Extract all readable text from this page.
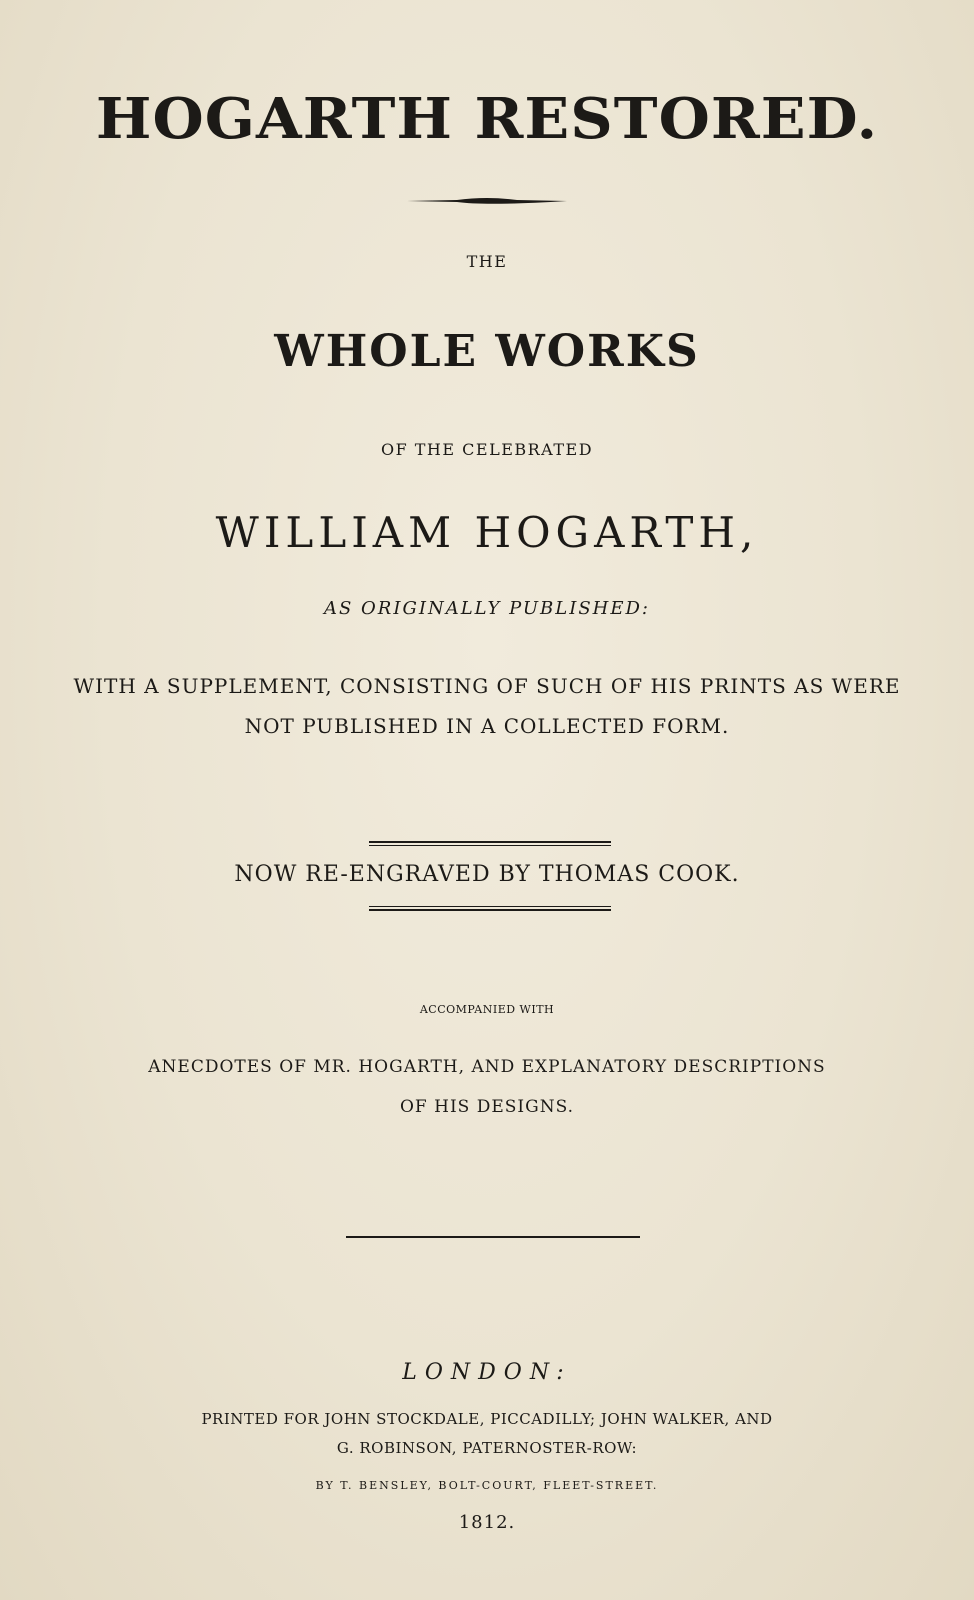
HOGARTH RESTORED.
THE
WHOLE WORKS
OF THE CELEBRATED
WILLIAM HOGARTH,
AS ORIGINALLY PUBLISHED:
WITH A SUPPLEMENT, CONSISTING OF SUCH OF HIS PRINTS AS WERE
NOT PUBLISHED IN A COLLECTED FORM.
NOW RE-ENGRAVED BY THOMAS COOK.
ACCOMPANIED WITH
ANECDOTES OF MR. HOGARTH, AND EXPLANATORY DESCRIPTIONS
OF HIS DESIGNS.
LONDON:
PRINTED FOR JOHN STOCKDALE, PICCADILLY; JOHN WALKER, AND
G. ROBINSON, PATERNOSTER-ROW:
BY T. BENSLEY, BOLT-COURT, FLEET-STREET.
1812.
